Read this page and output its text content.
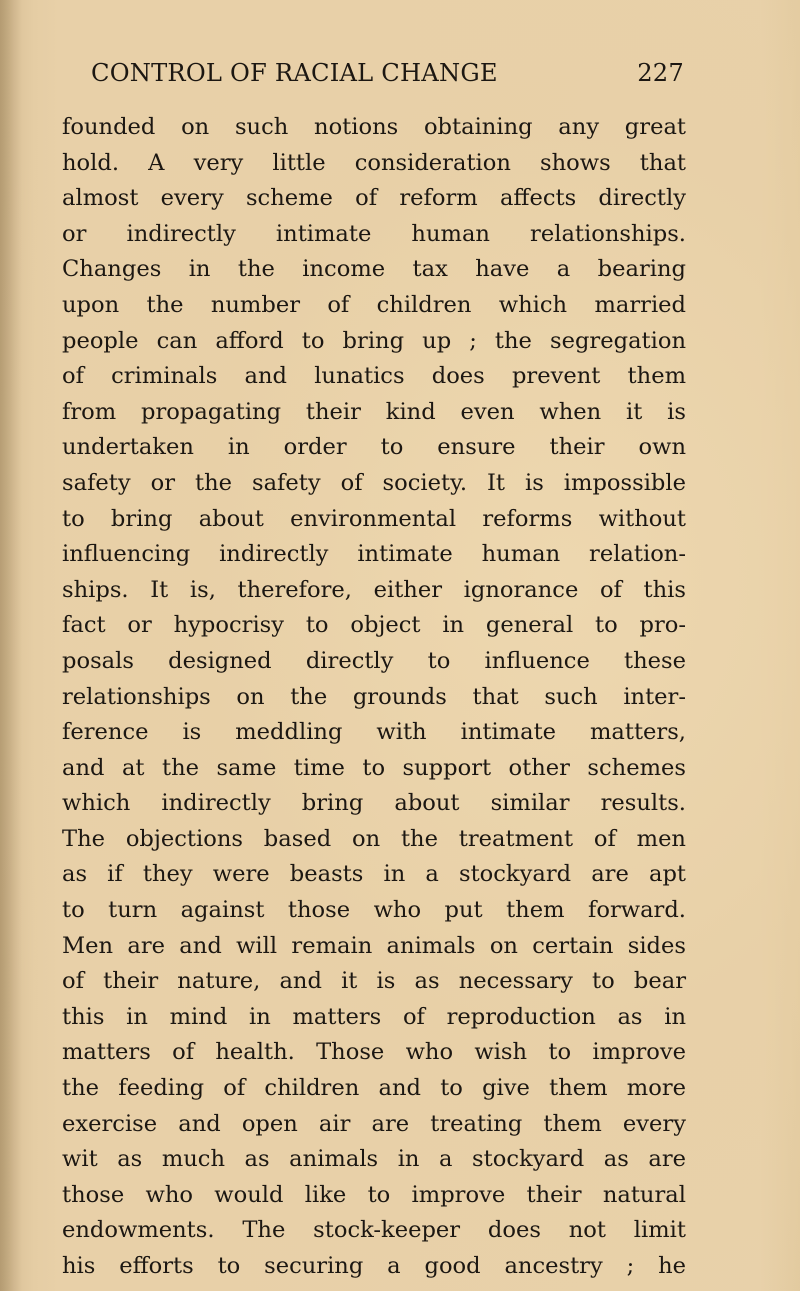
CONTROL OF RACIAL CHANGE	227
founded on such notions obtaining any great
hold. A very little consideration shows that
almost every scheme of reform affects directly
or indirectly intimate human relationships.
Changes in the income tax have a bearing
upon the number of children which married
people can afford to bring up ; the segregation
of criminals and lunatics does prevent them
from propagating their kind even when it is
undertaken in order to ensure their own
safety or the safety of society. It is impossible
to bring about environmental reforms without
influencing indirectly intimate human relation-
ships. It is, therefore, either ignorance of this
fact or hypocrisy to object in general to pro-
posals designed directly to influence these
relationships on the grounds that such inter-
ference is meddling with intimate matters,
and at the same time to support other schemes
which indirectly bring about similar results.
The objections based on the treatment of men
as if they were beasts in a stockyard are apt
to turn against those who put them forward.
Men are and will remain animals on certain sides
of their nature, and it is as necessary to bear
this in mind in matters of reproduction as in
matters of health. Those who wish to improve
the feeding of children and to give them more
exercise and open air are treating them every
wit as much as animals in a stockyard as are
those who would like to improve their natural
endowments. The stock-keeper does not limit
his efforts to securing a good ancestry ; he
